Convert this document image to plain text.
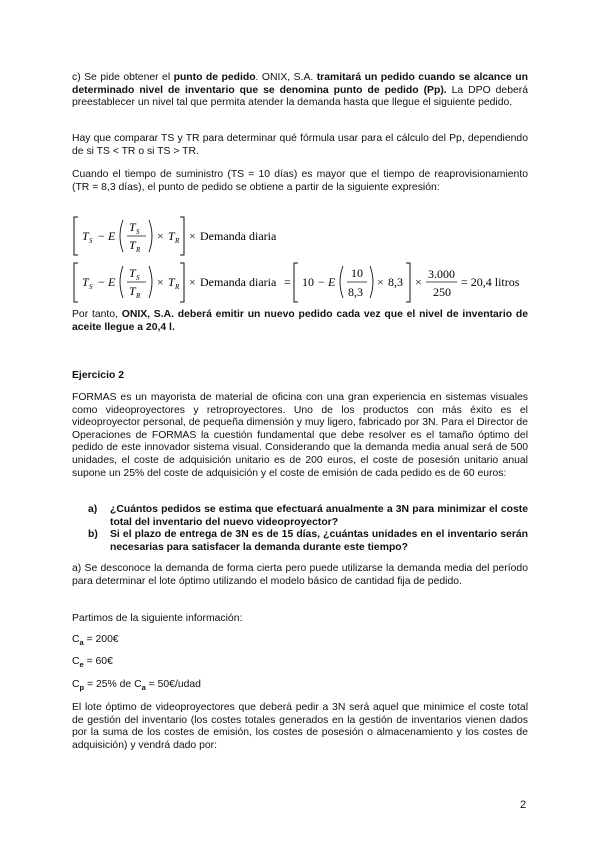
c) Se pide obtener el punto de pedido. ONIX, S.A. tramitará un pedido cuando se alcance un determinado nivel de inventario que se denomina punto de pedido (Pp). La DPO deberá preestablecer un nivel tal que permita atender la demanda hasta que llegue el siguiente pedido.

Hay que comparar TS y TR para determinar qué fórmula usar para el cálculo del Pp, dependiendo de si TS < TR o si TS > TR.

Cuando el tiempo de suministro (TS = 10 días) es mayor que el tiempo de reaprovisionamiento (TR = 8,3 días), el punto de pedido se obtiene a partir de la siguiente expresión:

T S − E
T S
T R
× T R × Demanda diaria
T S − E
T S
T R
× T R × Demanda diaria = 10 − E
10
8,3
× 8,3 ×
3.000
250
= 20,4 litros

Por tanto, ONIX, S.A. deberá emitir un nuevo pedido cada vez que el nivel de inventario de aceite llegue a 20,4 l.

Ejercicio 2

FORMAS es un mayorista de material de oficina con una gran experiencia en sistemas visuales como videoproyectores y retroproyectores. Uno de los productos con más éxito es el videoproyector personal, de pequeña dimensión y muy ligero, fabricado por 3N. Para el Director de Operaciones de FORMAS la cuestión fundamental que debe resolver es el tamaño óptimo del pedido de este innovador sistema visual. Considerando que la demanda media anual será de 500 unidades, el coste de adquisición unitario es de 200 euros, el coste de posesión unitario anual supone un 25% del coste de adquisición y el coste de emisión de cada pedido es de 60 euros:

a)	¿Cuántos pedidos se estima que efectuará anualmente a 3N para minimizar el coste total del inventario del nuevo videoproyector?
b)	Si el plazo de entrega de 3N es de 15 días, ¿cuántas unidades en el inventario serán necesarias para satisfacer la demanda durante este tiempo?

a) Se desconoce la demanda de forma cierta pero puede utilizarse la demanda media del período para determinar el lote óptimo utilizando el modelo básico de cantidad fija de pedido.

Partimos de la siguiente información:

$C_a$ = 200€

$C_e$ = 60€

$C_p = 25\%$ de $C_a$ = 50€/udad

El lote óptimo de videoproyectores que deberá pedir a 3N será aquel que minimice el coste total de gestión del inventario (los costes totales generados en la gestión de inventarios vienen dados por la suma de los costes de emisión, los costes de posesión o almacenamiento y los costes de adquisición) y vendrá dado por:

2
